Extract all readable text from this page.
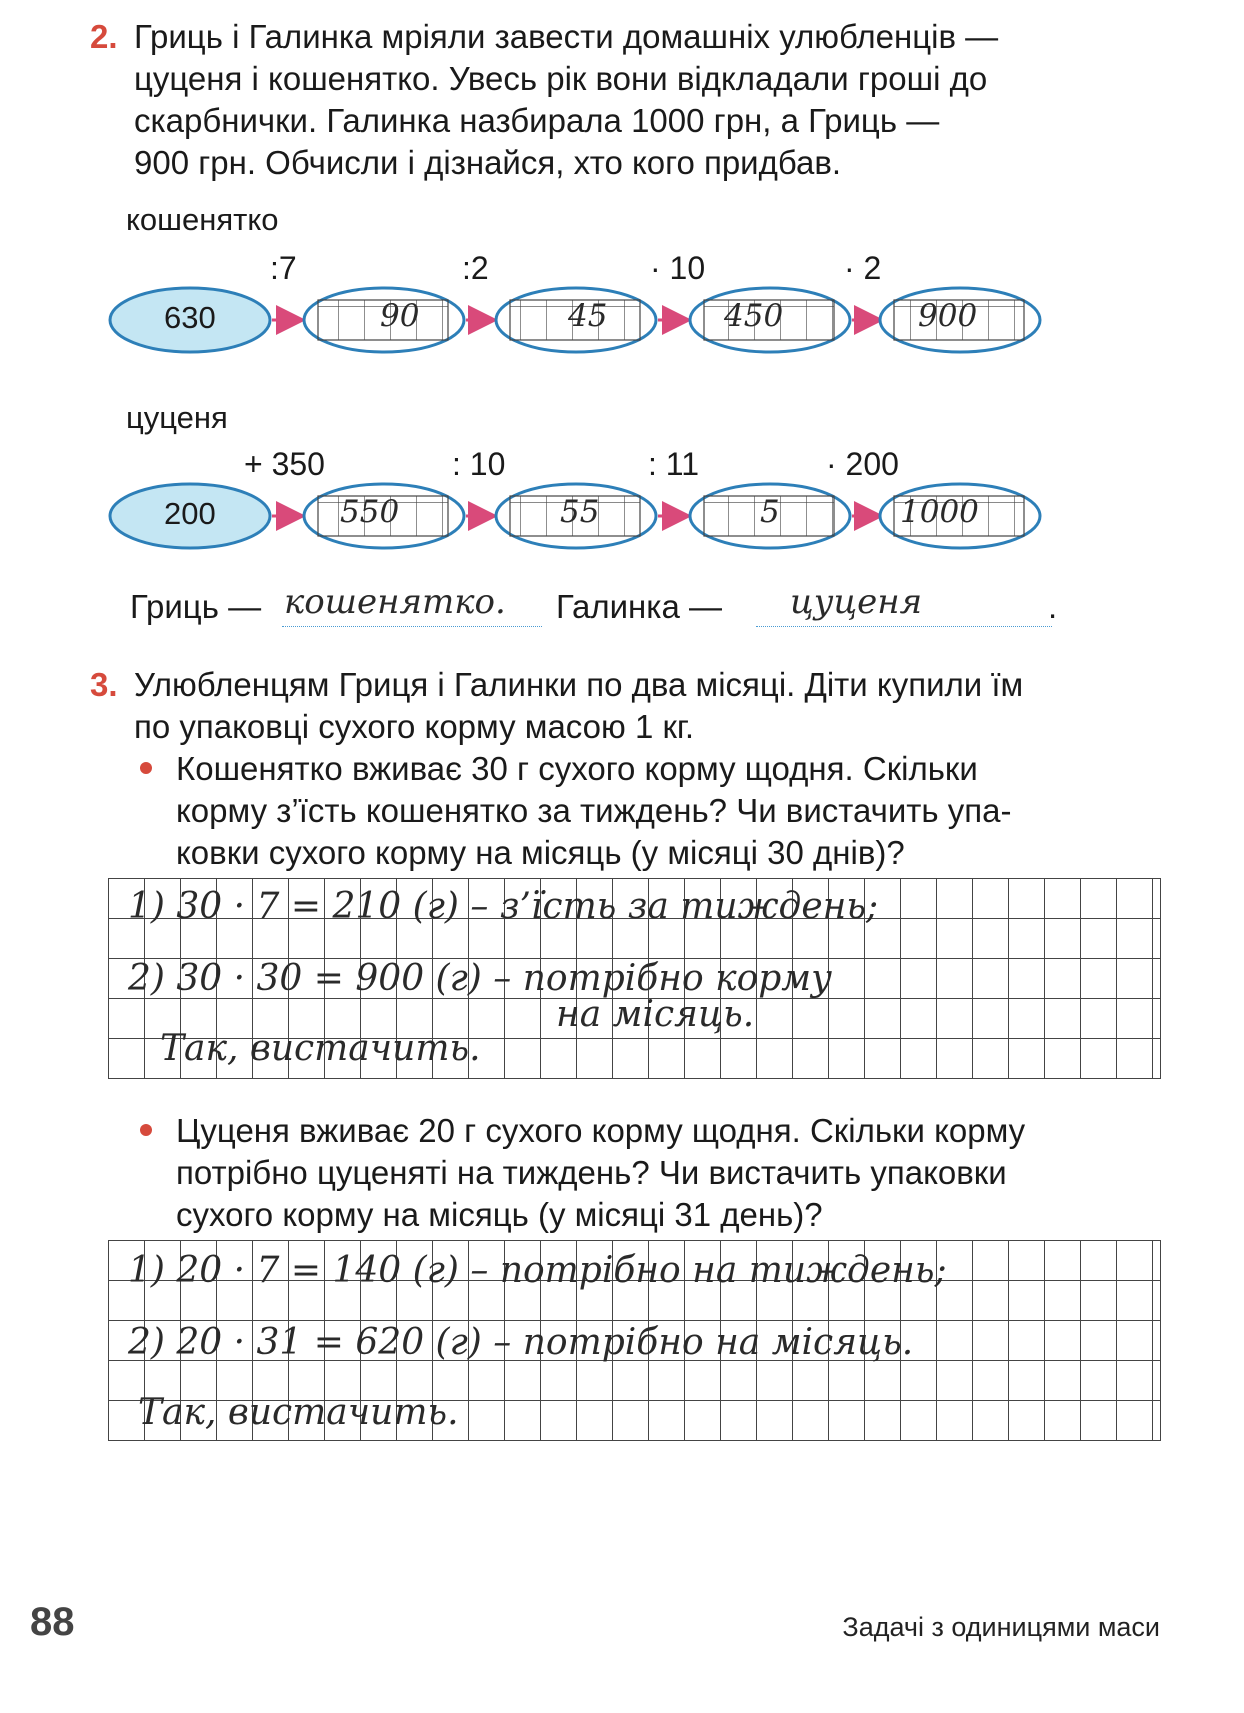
2. Гриць і Галинка мріяли завести домашніх улюбленців —
цуценя і кошенятко. Увесь рік вони відкладали гроші до
скарбнички. Галинка назбирала 1000 грн, а Гриць —
900 грн. Обчисли і дізнайся, хто кого придбав.
кошенятко
:7	:2	· 10	· 2
630	90	45	450	900
цуценя
+ 350	: 10	: 11	· 200
200	550	55	5	1000
Гриць — кошенятко. Галинка — цуценя	.
3. Улюбленцям Гриця і Галинки по два місяці. Діти купили їм
по упаковці сухого корму масою 1 кг.
Кошенятко вживає 30 г сухого корму щодня. Скільки
корму з’їсть кошенятко за тиждень? Чи вистачить упа-
ковки сухого корму на місяць (у місяці 30 днів)?
1) 30 · 7 = 210 (г) – з’їсть за тиждень;
2) 30 · 30 = 900 (г) – потрібно корму
на місяць.
Так, вистачить.
Цуценя вживає 20 г сухого корму щодня. Скільки корму
потрібно цуценяті на тиждень? Чи вистачить упаковки
сухого корму на місяць (у місяці 31 день)?
1) 20 · 7 = 140 (г) – потрібно на тиждень;
2) 20 · 31 = 620 (г) – потрібно на місяць.
Так, вистачить.
88	Задачі з одиницями маси
